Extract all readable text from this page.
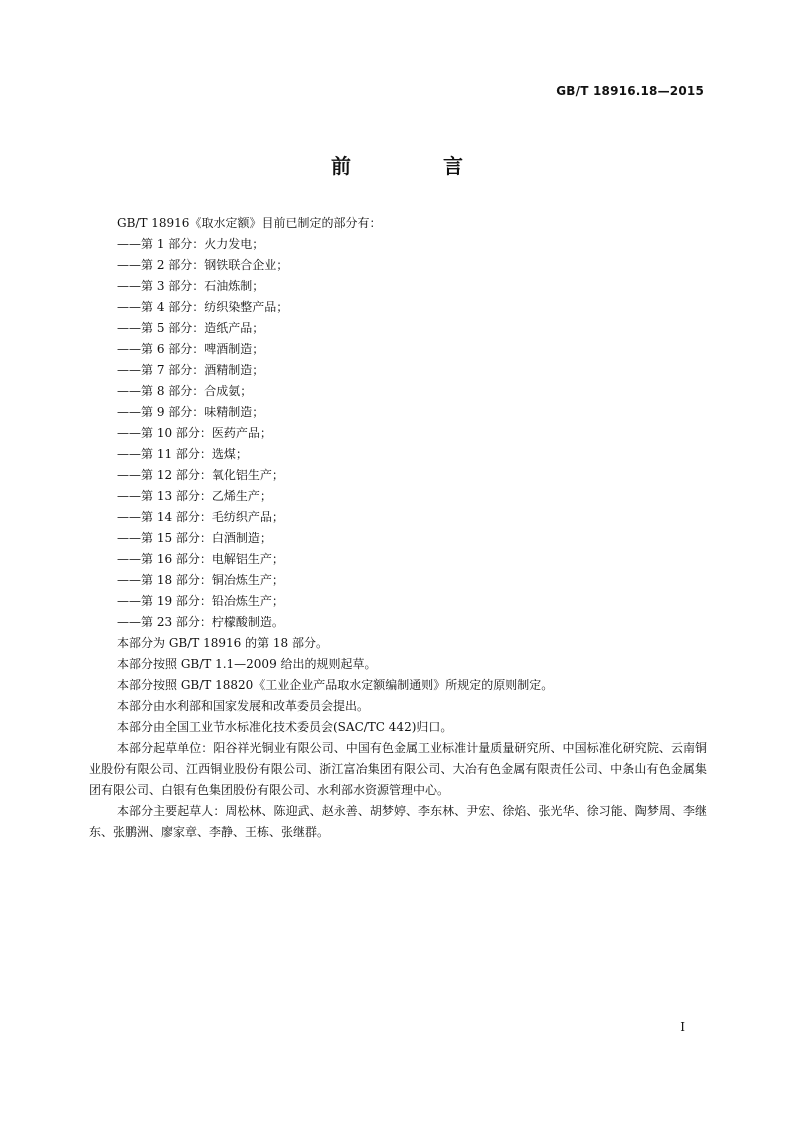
GB/T 18916.18—2015
前　言
GB/T 18916《取水定额》目前已制定的部分有：
——第 1 部分：火力发电；
——第 2 部分：钢铁联合企业；
——第 3 部分：石油炼制；
——第 4 部分：纺织染整产品；
——第 5 部分：造纸产品；
——第 6 部分：啤酒制造；
——第 7 部分：酒精制造；
——第 8 部分：合成氨；
——第 9 部分：味精制造；
——第 10 部分：医药产品；
——第 11 部分：选煤；
——第 12 部分：氧化铝生产；
——第 13 部分：乙烯生产；
——第 14 部分：毛纺织产品；
——第 15 部分：白酒制造；
——第 16 部分：电解铝生产；
——第 18 部分：铜冶炼生产；
——第 19 部分：铅冶炼生产；
——第 23 部分：柠檬酸制造。
本部分为 GB/T 18916 的第 18 部分。
本部分按照 GB/T 1.1—2009 给出的规则起草。
本部分按照 GB/T 18820《工业企业产品取水定额编制通则》所规定的原则制定。
本部分由水利部和国家发展和改革委员会提出。
本部分由全国工业节水标准化技术委员会(SAC/TC 442)归口。
本部分起草单位：阳谷祥光铜业有限公司、中国有色金属工业标准计量质量研究所、中国标准化研究院、云南铜业股份有限公司、江西铜业股份有限公司、浙江富冶集团有限公司、大冶有色金属有限责任公司、中条山有色金属集团有限公司、白银有色集团股份有限公司、水利部水资源管理中心。
本部分主要起草人：周松林、陈迎武、赵永善、胡梦婷、李东林、尹宏、徐焰、张光华、徐习能、陶梦周、李继东、张鹏洲、廖家章、李静、王栋、张继群。
I
